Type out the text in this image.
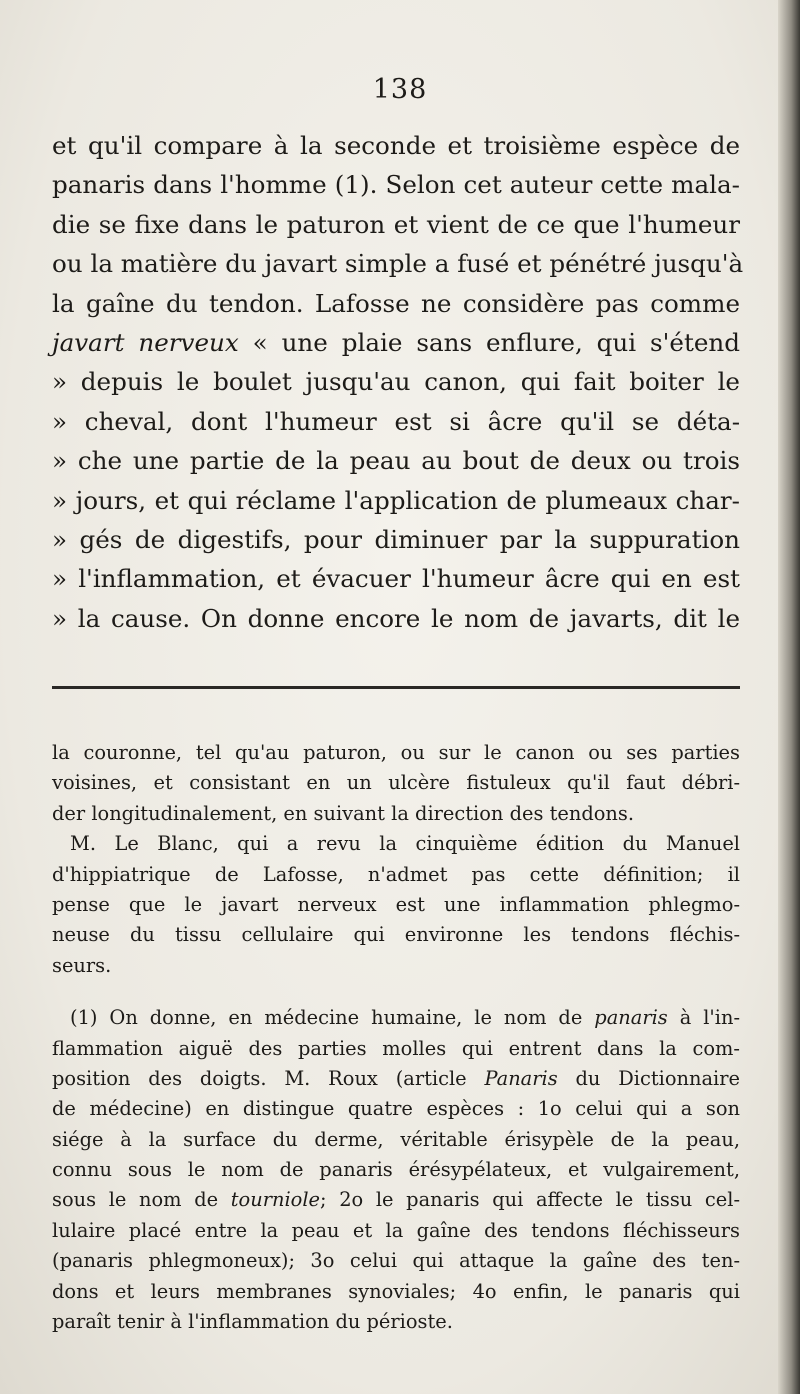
138
et qu'il compare à la seconde et troisième espèce de
panaris dans l'homme (1). Selon cet auteur cette mala-
die se fixe dans le paturon et vient de ce que l'humeur
ou la matière du javart simple a fusé et pénétré jusqu'à
la gaîne du tendon. Lafosse ne considère pas comme
javart nerveux « une plaie sans enflure, qui s'étend
» depuis le boulet jusqu'au canon, qui fait boiter le
» cheval, dont l'humeur est si âcre qu'il se déta-
» che une partie de la peau au bout de deux ou trois
» jours, et qui réclame l'application de plumeaux char-
» gés de digestifs, pour diminuer par la suppuration
» l'inflammation, et évacuer l'humeur âcre qui en est
» la cause. On donne encore le nom de javarts, dit le
la couronne, tel qu'au paturon, ou sur le canon ou ses parties
voisines, et consistant en un ulcère fistuleux qu'il faut débri-
der longitudinalement, en suivant la direction des tendons.
M. Le Blanc, qui a revu la cinquième édition du Manuel
d'hippiatrique de Lafosse, n'admet pas cette définition; il
pense que le javart nerveux est une inflammation phlegmo-
neuse du tissu cellulaire qui environne les tendons fléchis-
seurs.
(1) On donne, en médecine humaine, le nom de panaris à l'in-
flammation aiguë des parties molles qui entrent dans la com-
position des doigts. M. Roux (article Panaris du Dictionnaire
de médecine) en distingue quatre espèces : 1o celui qui a son
siége à la surface du derme, véritable érisypèle de la peau,
connu sous le nom de panaris érésypélateux, et vulgairement,
sous le nom de tourniole; 2o le panaris qui affecte le tissu cel-
lulaire placé entre la peau et la gaîne des tendons fléchisseurs
(panaris phlegmoneux); 3o celui qui attaque la gaîne des ten-
dons et leurs membranes synoviales; 4o enfin, le panaris qui
paraît tenir à l'inflammation du périoste.
